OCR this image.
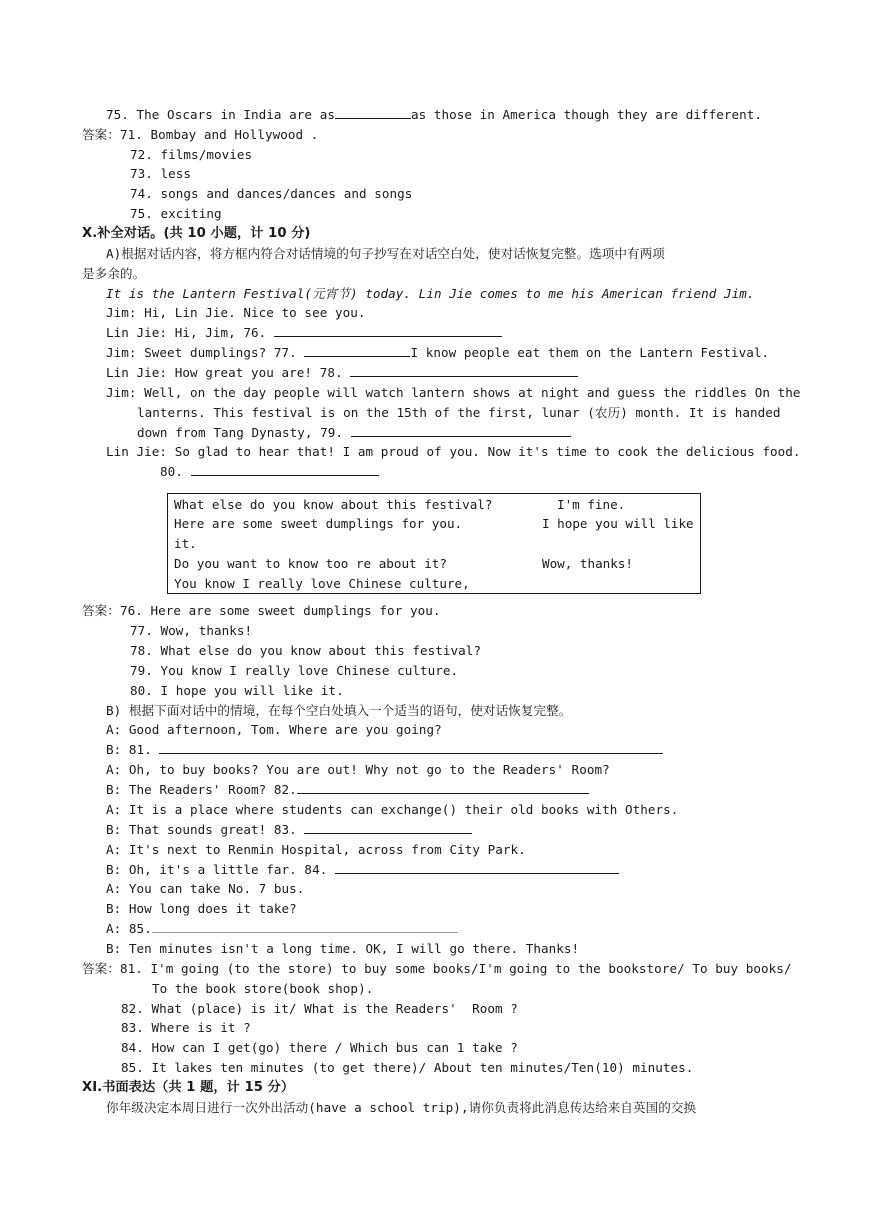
75. The Oscars in India are as	as those in America though they are different.
答案：71. Bombay and Hollywood .
72. films/movies
73. less
74. songs and dances/dances and songs
75. exciting
X.补全对话。(共 10 小题，计 10 分)
A)根据对话内容，将方框内符合对话情境的句子抄写在对话空白处，使对话恢复完整。选项中有两项
是多余的。
It is the Lantern Festival(元宵节) today. Lin Jie comes to me his American friend Jim.
Jim: Hi, Lin Jie. Nice to see you.
Lin Jie: Hi, Jim, 76.
Jim: Sweet dumplings? 77.	I know people eat them on the Lantern Festival.
Lin Jie: How great you are! 78.
Jim: Well, on the day people will watch lantern shows at night and guess the riddles On the
lanterns. This festival is on the 15th of the first, lunar (农历) month. It is handed
down from Tang Dynasty, 79.
Lin Jie: So glad to hear that! I am proud of you. Now it's time to cook the delicious food.
80.
What else do you know about this festival?	I'm fine.
Here are some sweet dumplings for you.	I hope you will like
it.
Do you want to know too re about it?	Wow, thanks!
You know I really love Chinese culture,
答案：76. Here are some sweet dumplings for you.
77. Wow, thanks!
78. What else do you know about this festival?
79. You know I really love Chinese culture.
80. I hope you will like it.
B) 根据下面对话中的情境，在每个空白处填入一个适当的语句，使对话恢复完整。
A: Good afternoon, Tom. Where are you going?
B: 81.
A: Oh, to buy books? You are out! Why not go to the Readers' Room?
B: The Readers' Room? 82.
A: It is a place where students can exchange() their old books with Others.
B: That sounds great! 83.
A: It's next to Renmin Hospital, across from City Park.
B: Oh, it's a little far. 84.
A: You can take No. 7 bus.
B: How long does it take?
A: 85.
B: Ten minutes isn't a long time. OK, I will go there. Thanks!
答案：81. I'm going (to the store) to buy some books/I'm going to the bookstore/ To buy books/
To the book store(book shop).
82. What (place) is it/ What is the Readers'  Room ?
83. Where is it ?
84. How can I get(go) there / Which bus can 1 take ?
85. It lakes ten minutes (to get there)/ About ten minutes/Ten(10) minutes.
XI.书面表达（共 1 题，计 15 分）
你年级决定本周日进行一次外出活动(have a school trip),请你负责将此消息传达给来自英国的交换
